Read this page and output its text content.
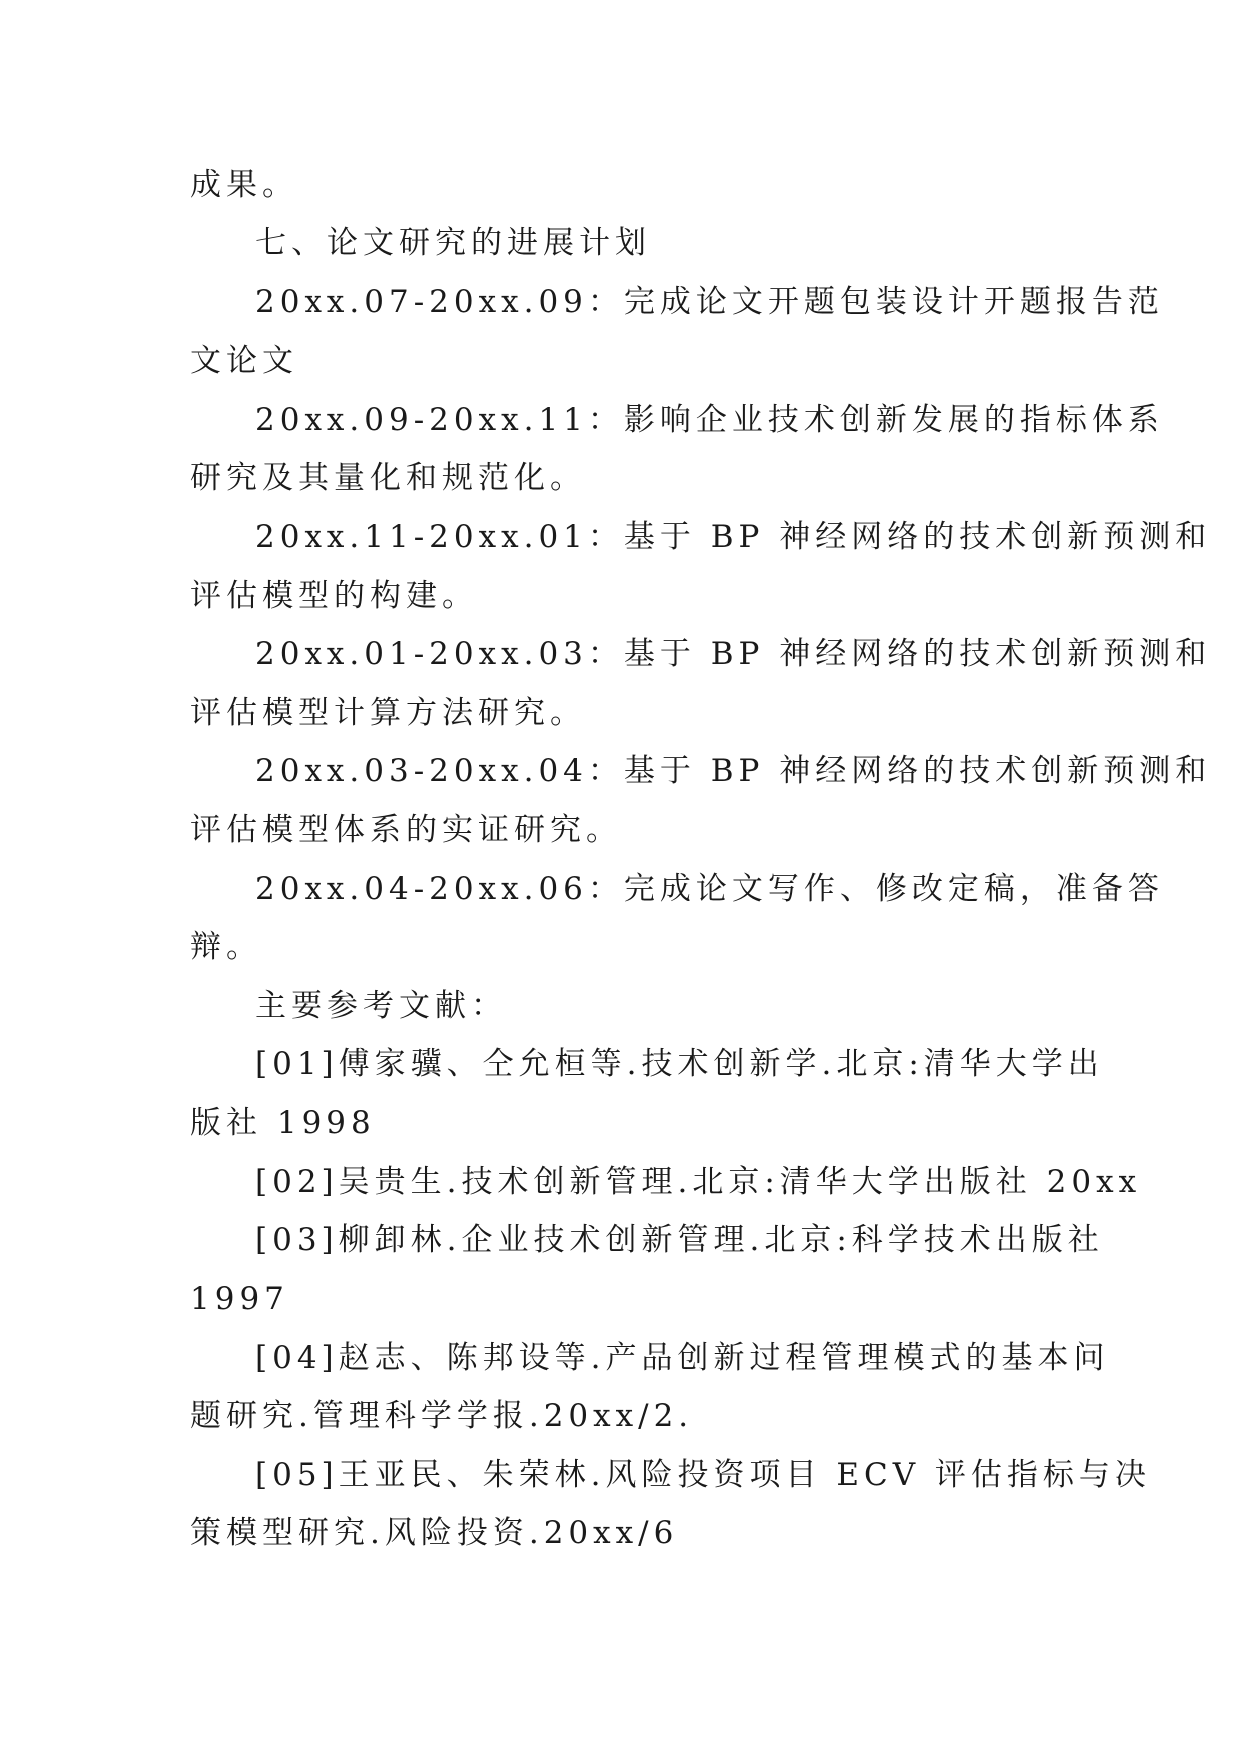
成果。
七、论文研究的进展计划
20xx.07-20xx.09：完成论文开题包装设计开题报告范
文论文
20xx.09-20xx.11：影响企业技术创新发展的指标体系
研究及其量化和规范化。
20xx.11-20xx.01：基于 BP 神经网络的技术创新预测和
评估模型的构建。
20xx.01-20xx.03：基于 BP 神经网络的技术创新预测和
评估模型计算方法研究。
20xx.03-20xx.04：基于 BP 神经网络的技术创新预测和
评估模型体系的实证研究。
20xx.04-20xx.06：完成论文写作、修改定稿，准备答
辩。
主要参考文献：
[01]傅家骥、仝允桓等.技术创新学.北京:清华大学出
版社 1998
[02]吴贵生.技术创新管理.北京:清华大学出版社 20xx
[03]柳卸林.企业技术创新管理.北京:科学技术出版社
1997
[04]赵志、陈邦设等.产品创新过程管理模式的基本问
题研究.管理科学学报.20xx/2.
[05]王亚民、朱荣林.风险投资项目 ECV 评估指标与决
策模型研究.风险投资.20xx/6
